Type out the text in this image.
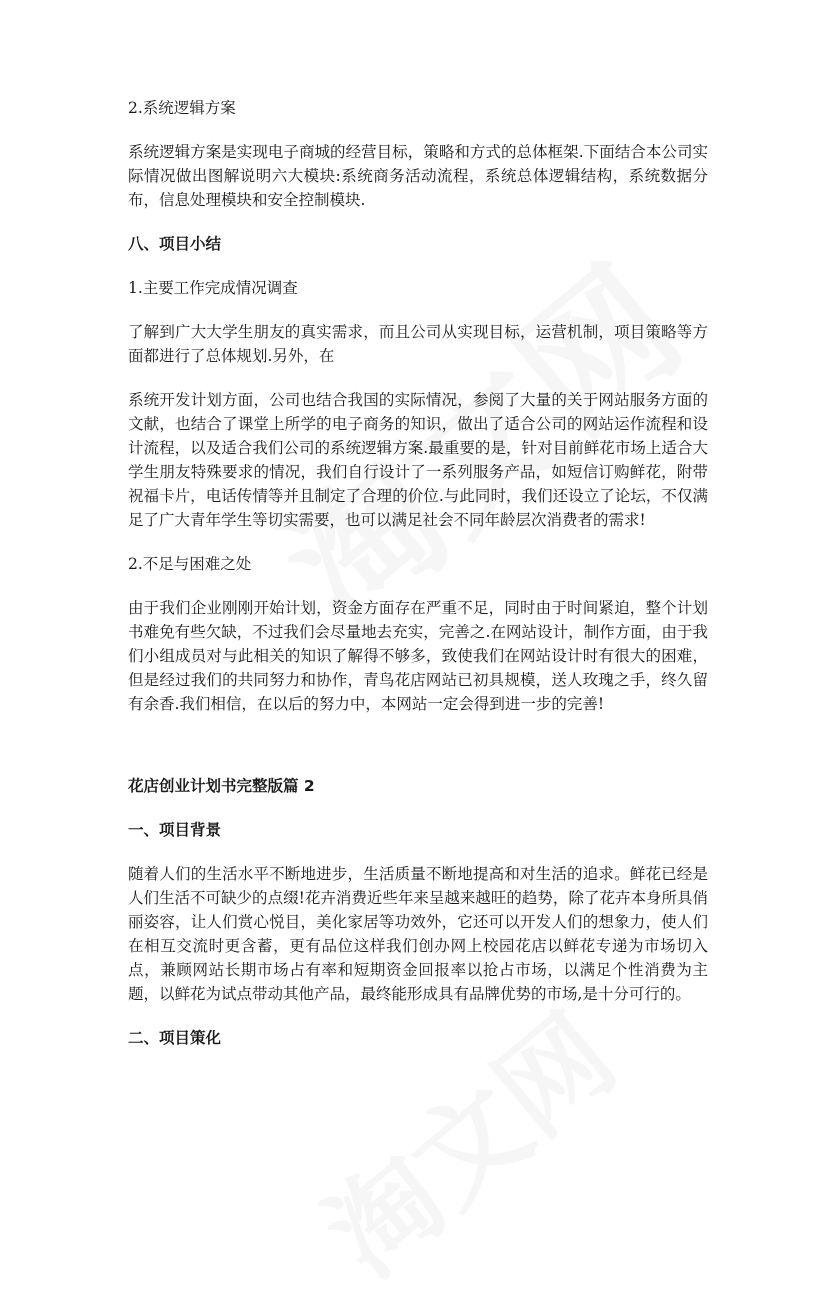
2.系统逻辑方案
系统逻辑方案是实现电子商城的经营目标，策略和方式的总体框架.下面结合本公司实际情况做出图解说明六大模块:系统商务活动流程，系统总体逻辑结构，系统数据分布，信息处理模块和安全控制模块.
八、项目小结
1.主要工作完成情况调查
了解到广大大学生朋友的真实需求，而且公司从实现目标，运营机制，项目策略等方面都进行了总体规划.另外，在
系统开发计划方面，公司也结合我国的实际情况，参阅了大量的关于网站服务方面的文献，也结合了课堂上所学的电子商务的知识，做出了适合公司的网站运作流程和设计流程，以及适合我们公司的系统逻辑方案.最重要的是，针对目前鲜花市场上适合大学生朋友特殊要求的情况，我们自行设计了一系列服务产品，如短信订购鲜花，附带祝福卡片，电话传情等并且制定了合理的价位.与此同时，我们还设立了论坛，不仅满足了广大青年学生等切实需要，也可以满足社会不同年龄层次消费者的需求!
2.不足与困难之处
由于我们企业刚刚开始计划，资金方面存在严重不足，同时由于时间紧迫，整个计划书难免有些欠缺，不过我们会尽量地去充实，完善之.在网站设计，制作方面，由于我们小组成员对与此相关的知识了解得不够多，致使我们在网站设计时有很大的困难，但是经过我们的共同努力和协作，青鸟花店网站已初具规模，送人玫瑰之手，终久留有余香.我们相信，在以后的努力中，本网站一定会得到进一步的完善!
花店创业计划书完整版篇 2
一、项目背景
随着人们的生活水平不断地进步，生活质量不断地提高和对生活的追求。鲜花已经是人们生活不可缺少的点缀!花卉消费近些年来呈越来越旺的趋势，除了花卉本身所具俏丽姿容，让人们赏心悦目，美化家居等功效外，它还可以开发人们的想象力，使人们在相互交流时更含蓄，更有品位这样我们创办网上校园花店以鲜花专递为市场切入点，兼顾网站长期市场占有率和短期资金回报率以抢占市场，以满足个性消费为主题，以鲜花为试点带动其他产品，最终能形成具有品牌优势的市场,是十分可行的。
二、项目策化
